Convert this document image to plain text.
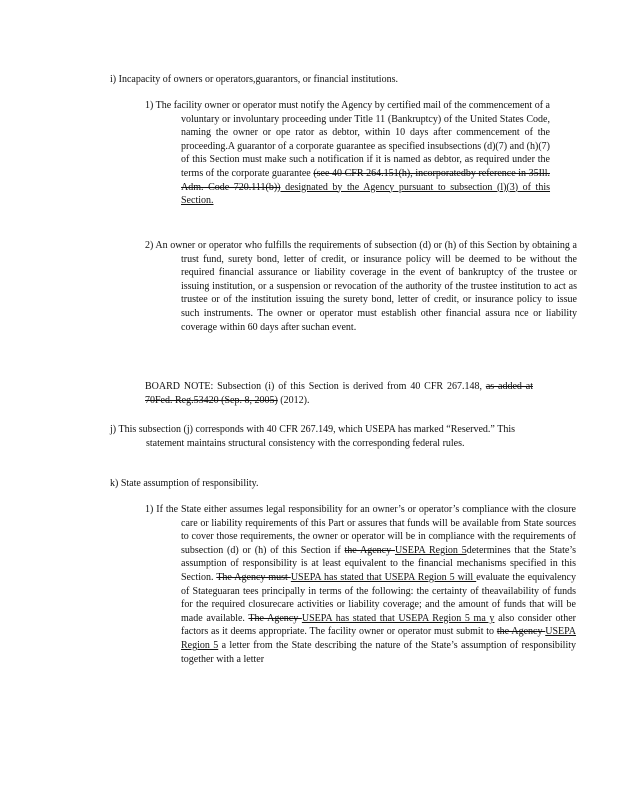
i) Incapacity of owners or operators,guarantors, or financial institutions.

1) The facility owner or operator must notify the Agency by certified mail of the commencement of a voluntary or involuntary proceeding under Title 11 (Bankruptcy) of the United States Code, naming the owner or ope rator as debtor, within 10 days after commencement of the proceeding.A guarantor of a corporate guarantee as specified insubsections (d)(7) and (h)(7) of this Section must make such a notification if it is named as debtor, as required under the terms of the corporate guarantee (see 40 CFR 264.151(h), incorporatedby reference in 35Ill. Adm. Code 720.111(b)) designated by the Agency pursuant to subsection (l)(3) of this Section.

2) An owner or operator who fulfills the requirements of subsection (d) or (h) of this Section by obtaining a trust fund, surety bond, letter of credit, or insurance policy will be deemed to be without the required financial assurance or liability coverage in the event of bankruptcy of the trustee or issuing institution, or a suspension or revocation of the authority of the trustee institution to act as trustee or of the institution issuing the surety bond, letter of credit, or insurance policy to issue such instruments. The owner or operator must establish other financial assura nce or liability coverage within 60 days after suchan event.

BOARD NOTE: Subsection (i) of this Section is derived from 40 CFR 267.148, as added at 70Fed. Reg.53420 (Sep. 8, 2005) (2012).

j) This subsection (j) corresponds with 40 CFR 267.149, which USEPA has marked “Reserved.” This statement maintains structural consistency with the corresponding federal rules.

k) State assumption of responsibility.

1) If the State either assumes legal responsibility for an owner’s or operator’s compliance with the closure care or liability requirements of this Part or assures that funds will be available from State sources to cover those requirements, the owner or operator will be in compliance with the requirements of subsection (d) or (h) of this Section if the Agency USEPA Region 5determines that the State’s assumption of responsibility is at least equivalent to the financial mechanisms specified in this Section. The Agency must USEPA has stated that USEPA Region 5 will evaluate the equivalency of Stateguaran tees principally in terms of the following: the certainty of theavailability of funds for the required closurecare activities or liability coverage; and the amount of funds that will be made available. The Agency USEPA has stated that USEPA Region 5 ma y also consider other factors as it deems appropriate. The facility owner or operator must submit to the Agency USEPA Region 5 a letter from the State describing the nature of the State’s assumption of responsibility together with a letter
